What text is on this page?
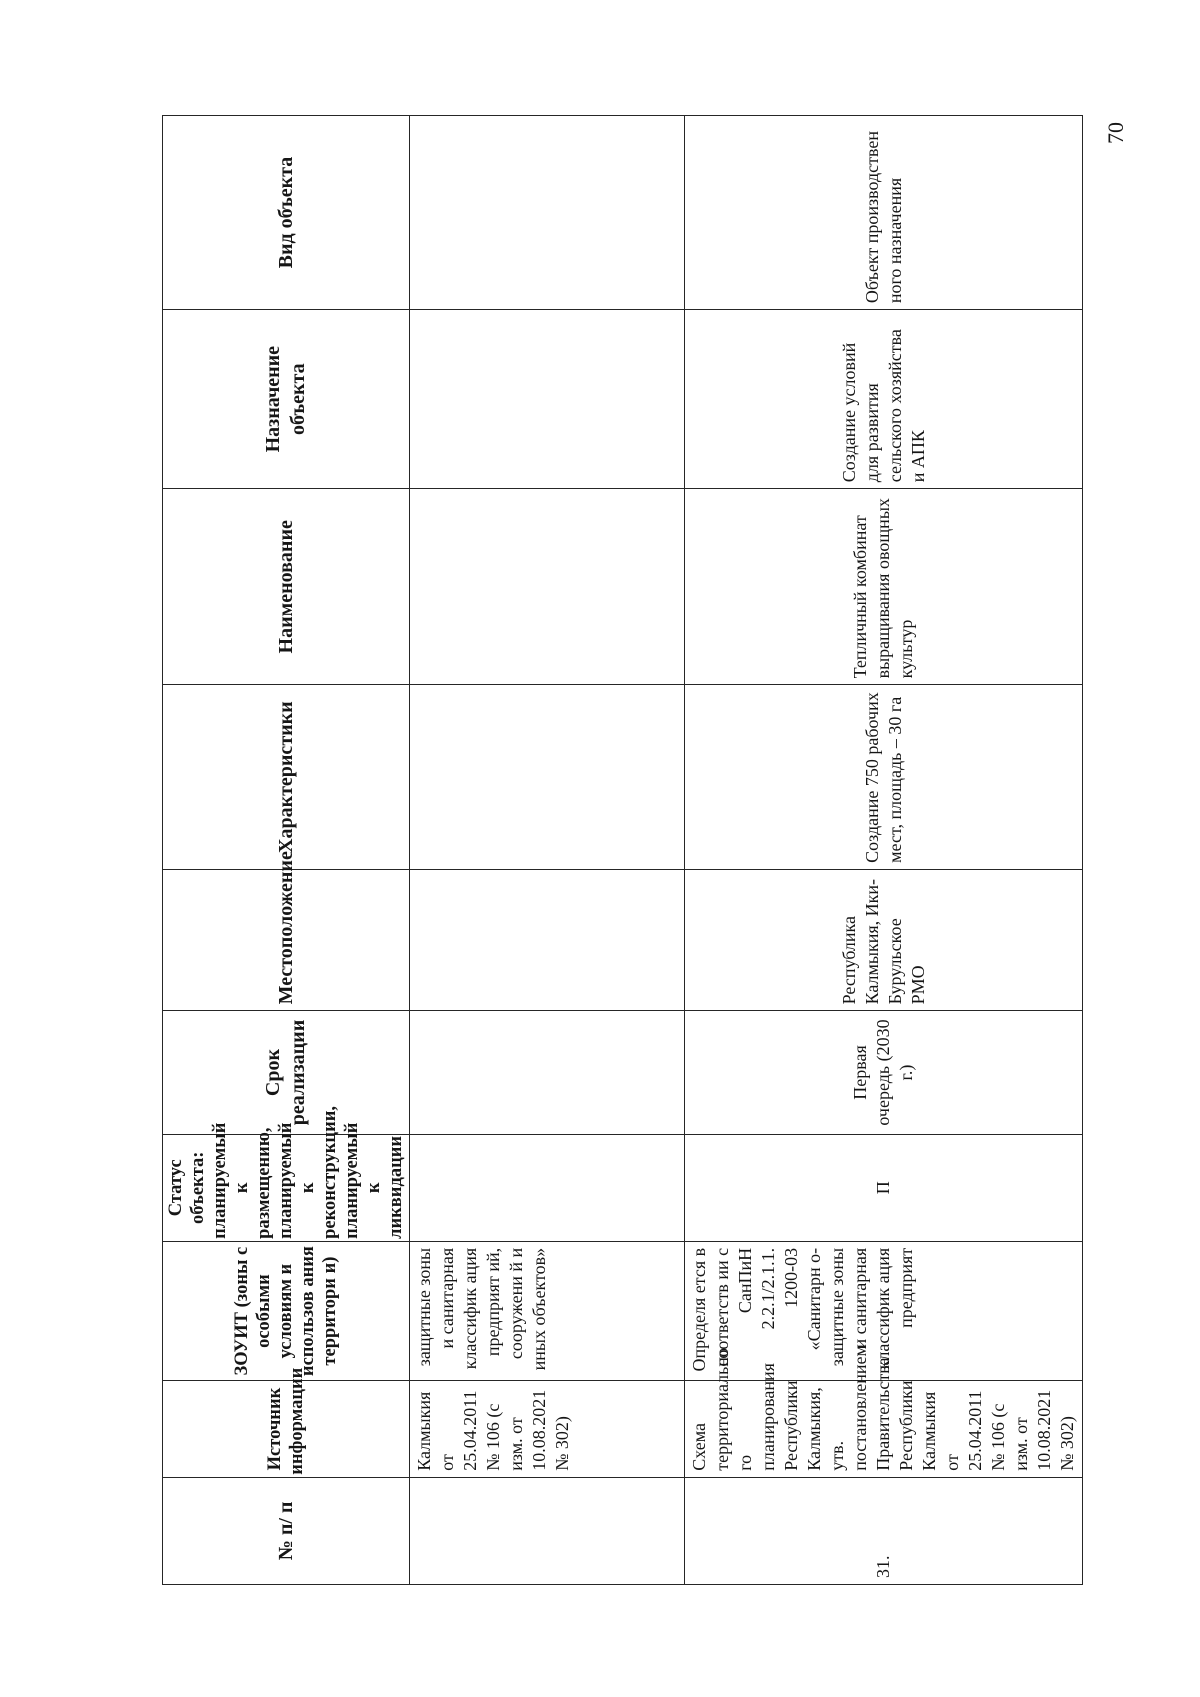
№ п/ п	Источник информации	ЗОУИТ (зоны с особыми условиям и использов ания территори и)	Статус объекта: планируемый к размещению, планируемый к реконструкции, планируемый к ликвидации	Срок реализации	Местоположение	Характеристики	Наименование	Назначение объекта	Вид объекта
	Калмыкия от 25.04.2011 № 106 (с изм. от 10.08.2021 № 302)	защитные зоны и санитарная классифик ация предприят ий, сооружени й и иных объектов»							
31.	Схема территориально го планирования Республики Калмыкия, утв. постановлением Правительства Республики Калмыкия от 25.04.2011 № 106 (с изм. от 10.08.2021 № 302)	Определя ется в соответств ии с СанПиН 2.2.1/2.1.1. 1200-03 «Санитарн о- защитные зоны и санитарная классифик ация предприят	П	Первая очередь (2030 г.)	Республика Калмыкия, Ики-Бурульское РМО	Создание 750 рабочих мест, площадь – 30 га	Тепличный комбинат выращивания овощных культур	Создание условий для развития сельского хозяйства и АПК	Объект производствен ного назначения
70
